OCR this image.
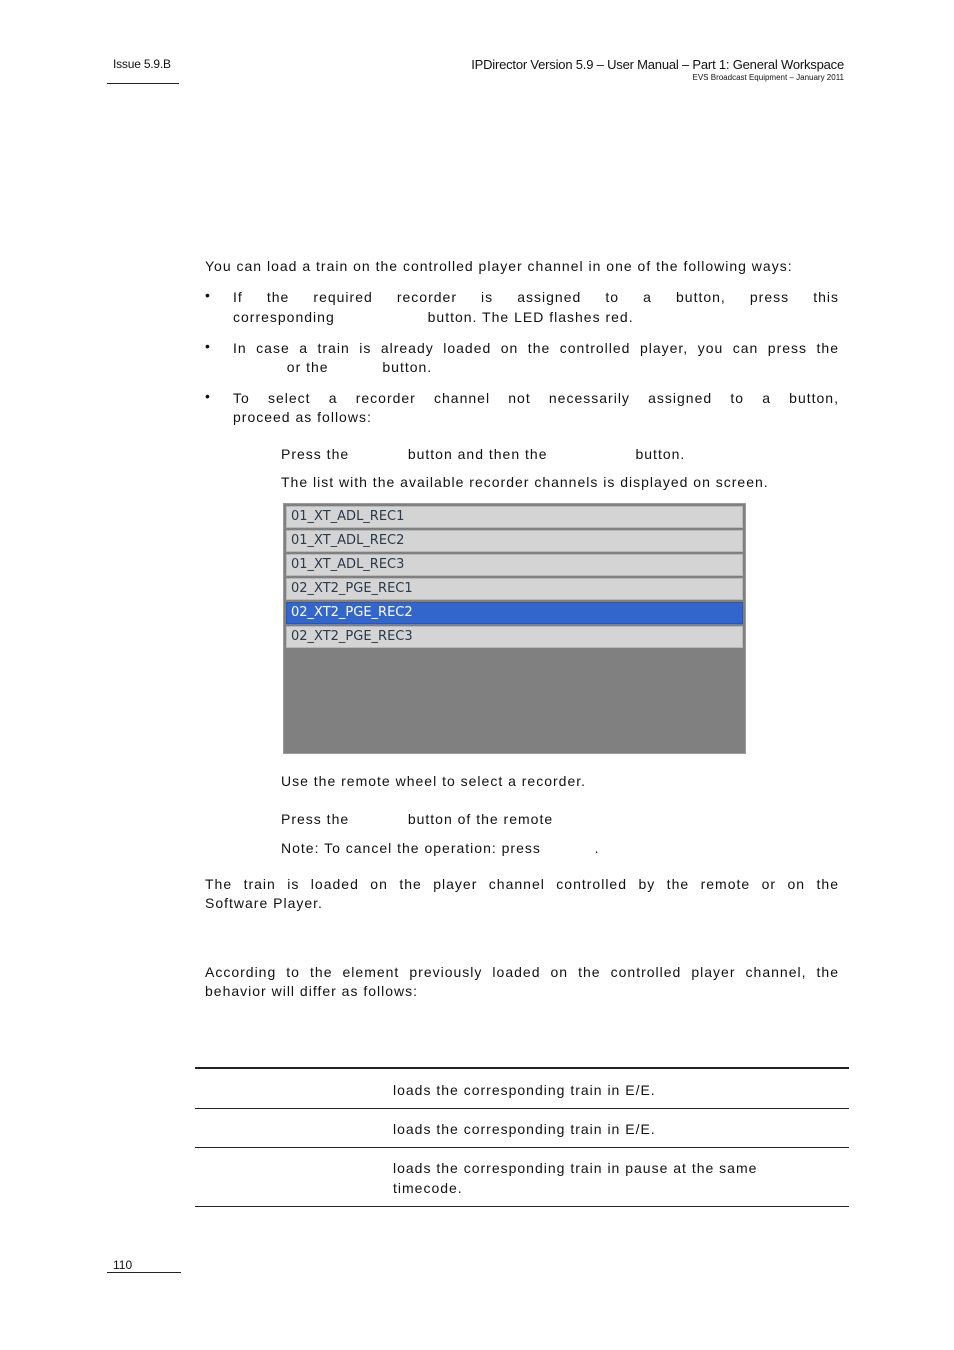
Issue 5.9.B	IPDirector Version 5.9 – User Manual – Part 1: General Workspace
EVS Broadcast Equipment – January 2011
You can load a train on the controlled player channel in one of the following ways:
• If the required recorder is assigned to a button, press this
corresponding                   button. The LED flashes red.
• In case a train is already loaded on the controlled player, you can press the
or the           button.
• To select a recorder channel not necessarily assigned to a button,
proceed as follows:
Press the            button and then the                  button.
The list with the available recorder channels is displayed on screen.
01_XT_ADL_REC1
01_XT_ADL_REC2
01_XT_ADL_REC3
02_XT2_PGE_REC1
02_XT2_PGE_REC2
02_XT2_PGE_REC3
Use the remote wheel to select a recorder.
Press the            button of the remote
Note: To cancel the operation: press           .
The train is loaded on the player channel controlled by the remote or on the
Software Player.
According to the element previously loaded on the controlled player channel, the
behavior will differ as follows:
loads the corresponding train in E/E.
loads the corresponding train in E/E.
loads the corresponding train in pause at the same
timecode.
110
